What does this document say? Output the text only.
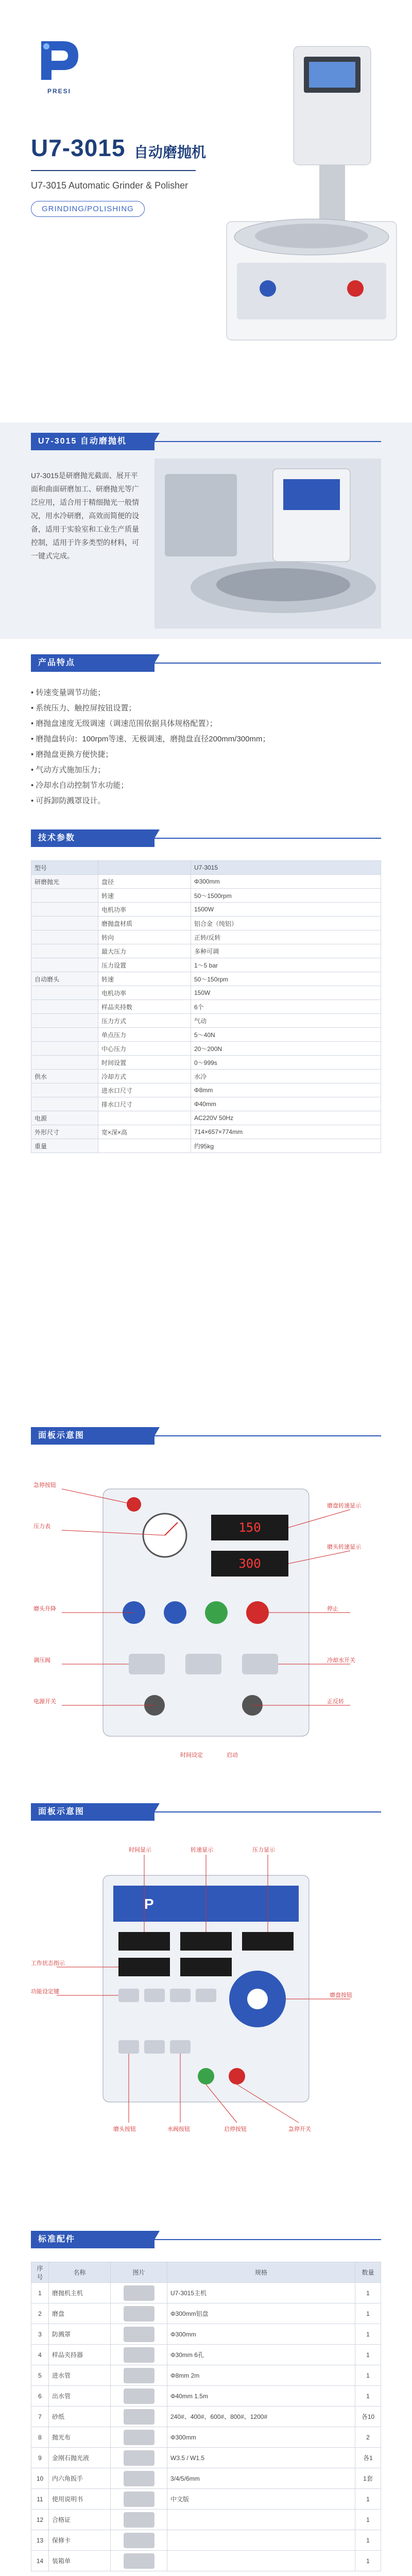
PRESI
U7-3015 自动磨抛机
U7-3015 Automatic Grinder & Polisher
GRINDING/POLISHING
U7-3015 自动磨抛机

U7-3015是研磨抛光截面、展开平面和曲面研磨加工、研磨抛光等广泛应用，适合用于精细抛光一般情况，用水冷研磨，高效而简便的设备，适用于实验室和工业生产质量控制，适用于许多类型的材料，可一键式完成。

产品特点
• 转速变量调节功能；
• 系统压力、触控屏按钮设置；
• 磨抛盘速度无级调速（调速范围依据具体规格配置）；
• 磨抛盘转向：100rpm等速、无极调速，磨抛盘直径200mm/300mm；
• 磨抛盘更换方便快捷；
• 气动方式施加压力；
• 冷却水自动控制节水功能；
• 可拆卸防溅罩设计。
技术参数
型号		U7-3015
研磨抛光	盘径	Φ300mm
	转速	50～1500rpm
	电机功率	1500W
	磨抛盘材质	铝合金（纯铝）
	转向	正转/反转
	最大压力	多种可调
	压力设置	1～5 bar
自动磨头	转速	50～150rpm
	电机功率	150W
	样品夹持数	6个
	压力方式	气动
	单点压力	5～40N
	中心压力	20～200N
	时间设置	0～999s
供水	冷却方式	水冷
	进水口尺寸	Φ8mm
	排水口尺寸	Φ40mm
电源		AC220V 50Hz
外形尺寸	宽×深×高	714×657×774mm
重量		约95kg
面板示意图
150
300
急停按钮
压力表
磨头升降
调压阀
电源开关
磨盘转速显示
磨头转速显示
停止
冷却水开关
正反转
时间设定	启动
面板示意图
P
时间显示	转速显示	压力显示
工作状态指示
功能设定键
磨盘按钮
磨头按钮	水阀按钮	启停按钮	急停开关
标准配件
序号	名称	图片	规格	数量
1	磨抛机主机		U7-3015主机	1
2	磨盘		Φ300mm铝盘	1
3	防溅罩		Φ300mm	1
4	样品夹持器		Φ30mm 6孔	1
5	进水管		Φ8mm 2m	1
6	出水管		Φ40mm 1.5m	1
7	砂纸		240#、400#、600#、800#、1200#	各10
8	抛光布		Φ300mm	2
9	金刚石抛光液		W3.5 / W1.5	各1
10	内六角扳手		3/4/5/6mm	1套
11	使用说明书		中文版	1
12	合格证			1
13	保修卡			1
14	装箱单			1
